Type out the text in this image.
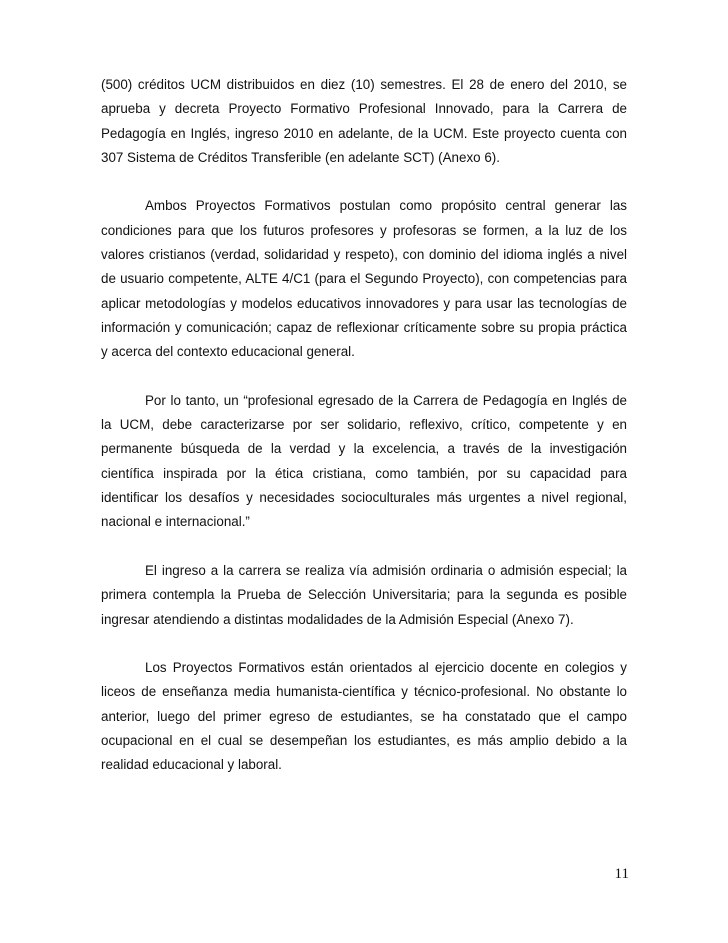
(500) créditos UCM distribuidos en diez (10) semestres. El 28 de enero del 2010, se aprueba y decreta Proyecto Formativo Profesional Innovado, para la Carrera de Pedagogía en Inglés, ingreso 2010 en adelante, de la UCM. Este proyecto cuenta con 307 Sistema de Créditos Transferible (en adelante SCT) (Anexo 6).

Ambos Proyectos Formativos postulan como propósito central generar las condiciones para que los futuros profesores y profesoras se formen, a la luz de los valores cristianos (verdad, solidaridad y respeto), con dominio del idioma inglés a nivel de usuario competente, ALTE 4/C1 (para el Segundo Proyecto), con competencias para aplicar metodologías y modelos educativos innovadores y para usar las tecnologías de información y comunicación; capaz de reflexionar críticamente sobre su propia práctica y acerca del contexto educacional general.

Por lo tanto, un “profesional egresado de la Carrera de Pedagogía en Inglés de la UCM, debe caracterizarse por ser solidario, reflexivo, crítico, competente y en permanente búsqueda de la verdad y la excelencia, a través de la investigación científica inspirada por la ética cristiana, como también, por su capacidad para identificar los desafíos y necesidades socioculturales más urgentes a nivel regional, nacional e internacional.”

El ingreso a la carrera se realiza vía admisión ordinaria o admisión especial; la primera contempla la Prueba de Selección Universitaria; para la segunda es posible ingresar atendiendo a distintas modalidades de la Admisión Especial (Anexo 7).

Los Proyectos Formativos están orientados al ejercicio docente en colegios y liceos de enseñanza media humanista-científica y técnico-profesional. No obstante lo anterior, luego del primer egreso de estudiantes, se ha constatado que el campo ocupacional en el cual se desempeñan los estudiantes, es más amplio debido a la realidad educacional y laboral.

11
